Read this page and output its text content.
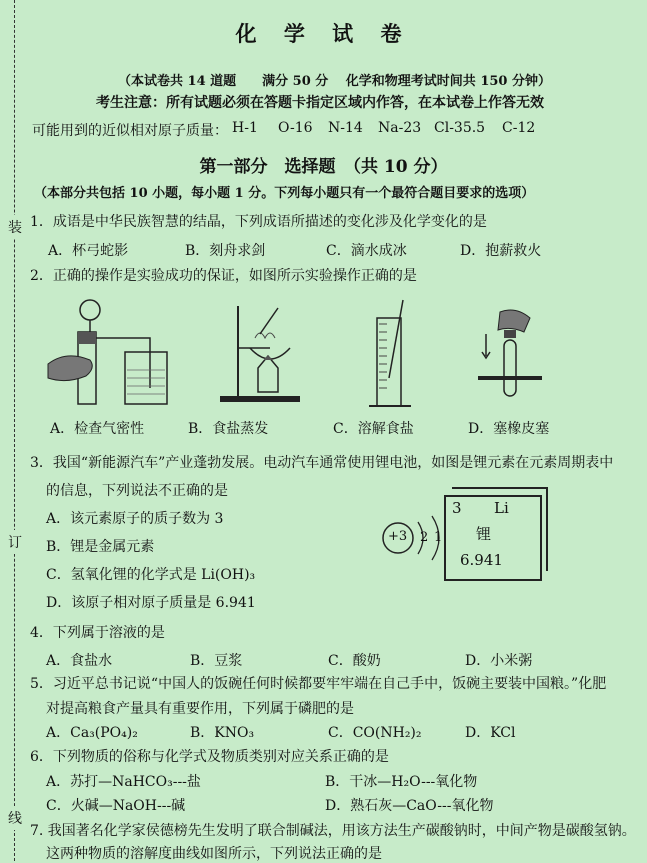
装
订
线
化 学 试 卷
（本试卷共 14 道题　　满分 50 分　 化学和物理考试时间共 150 分钟）
考生注意：所有试题必须在答题卡指定区域内作答，在本试卷上作答无效
可能用到的近似相对原子质量： H-1 O-16 N-14 Na-23 Cl-35.5 C-12
第一部分　选择题　（共 10 分）
（本部分共包括 10 小题，每小题 1 分。下列每小题只有一个最符合题目要求的选项）
1．成语是中华民族智慧的结晶，下列成语所描述的变化涉及化学变化的是
A．杯弓蛇影	B．刻舟求剑	C．滴水成冰	D．抱薪救火
2．正确的操作是实验成功的保证，如图所示实验操作正确的是
A．检查气密性	B．食盐蒸发	C．溶解食盐	D．塞橡皮塞
3．我国“新能源汽车”产业蓬勃发展。电动汽车通常使用锂电池，如图是锂元素在元素周期表中
的信息，下列说法不正确的是
A．该元素原子的质子数为 3
B．锂是金属元素
C．氢氧化锂的化学式是 Li(OH)₃
D．该原子相对原子质量是 6.941
+3 2 1
3 Li
锂
6.941
4．下列属于溶液的是
A．食盐水	B．豆浆	C．酸奶	D．小米粥
5．习近平总书记说“中国人的饭碗任何时候都要牢牢端在自己手中，饭碗主要装中国粮。”化肥
对提高粮食产量具有重要作用，下列属于磷肥的是
A．Ca₃(PO₄)₂	B．KNO₃	C．CO(NH₂)₂	D．KCl
6．下列物质的俗称与化学式及物质类别对应关系正确的是
A．苏打—NaHCO₃---盐	B．干冰—H₂O---氧化物
C．火碱—NaOH---碱	D．熟石灰—CaO---氧化物
7. 我国著名化学家侯德榜先生发明了联合制碱法，用该方法生产碳酸钠时，中间产物是碳酸氢钠。
这两种物质的溶解度曲线如图所示，下列说法正确的是
